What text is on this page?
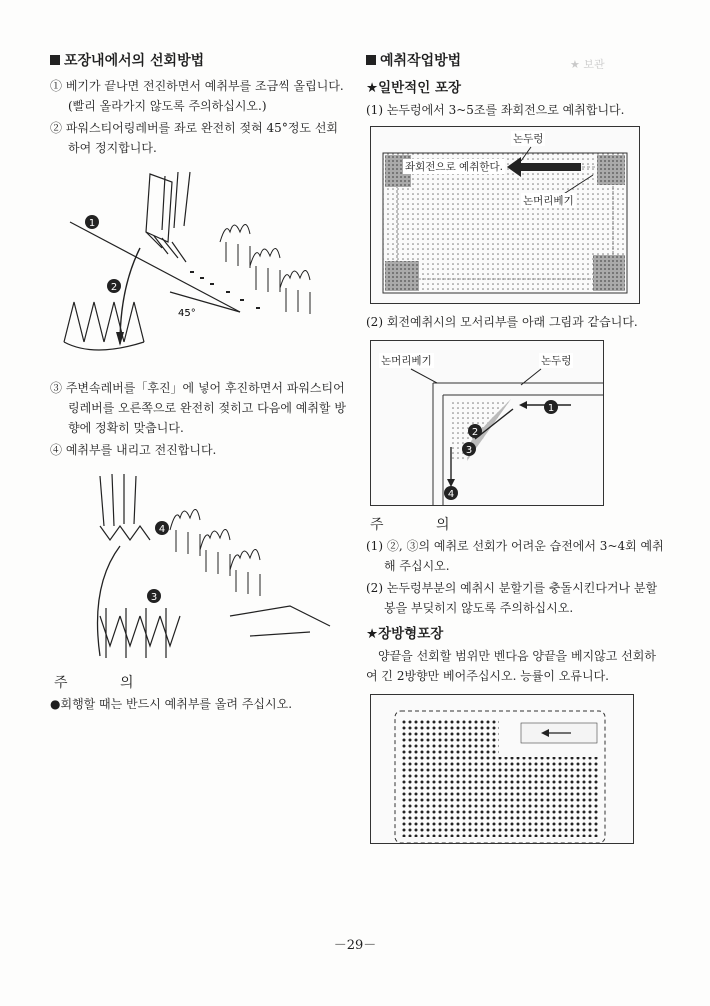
★ 보관
포장내에서의 선회방법

① 베기가 끝나면 전진하면서 예취부를 조금씩 올립니다.(빨리 올라가지 않도록 주의하십시오.)

② 파워스티어링레버를 좌로 완전히 젖혀 45°정도 선회하여 정지합니다.

1
2
45°

③ 주변속레버를「후진」에 넣어 후진하면서 파워스티어링레버를 오른쪽으로 완전히 젖히고 다음에 예취할 방향에 정확히 맞춥니다.

④ 예취부를 내리고 전진합니다.

3
4
주 의

●회행할 때는 반드시 예취부를 올려 주십시오.

예취작업방법
★일반적인 포장

(1) 논두렁에서 3~5조를 좌회전으로 예취합니다.

논두렁
좌회전으로 예취한다.
논머리베기

(2) 회전예취시의 모서리부를 아래 그림과 같습니다.

1
2
3
4
논머리베기	논두렁
주 의

(1) ②, ③의 예취로 선회가 어려운 습전에서 3~4회 예취해 주십시오.

(2) 논두렁부분의 예취시 분할기를 충돌시킨다거나 분할봉을 부딪히지 않도록 주의하십시오.

★장방형포장

양끝을 선회할 범위만 벤다음 양끝을 베지않고 선회하여 긴 2방향만 베어주십시오. 능률이 오류니다.

－29－
